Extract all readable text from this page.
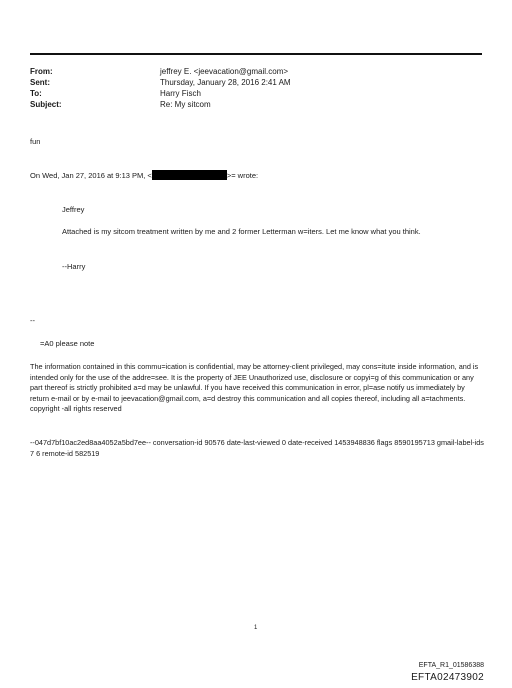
From:	jeffrey E. <jeevacation@gmail.com>
Sent:	Thursday, January 28, 2016 2:41 AM
To:	Harry Fisch
Subject:	Re: My sitcom
fun
On Wed, Jan 27, 2016 at 9:13 PM, <	>= wrote:
Jeffrey
Attached is my sitcom treatment written by me and 2 former Letterman w=iters. Let me know what you think.
--Harry
--
=A0 please note
The information contained in this commu=ication is confidential, may be attorney-client privileged, may cons=itute inside information, and is intended only for the use of the addre=see. It is the property of JEE Unauthorized use, disclosure or copyi=g of this communication or any part thereof is strictly prohibited a=d may be unlawful. If you have received this communication in error, pl=ase notify us immediately by return e-mail or by e-mail to jeevacation@gmail.com, a=d destroy this communication and all copies thereof, including all a=tachments. copyright -all rights reserved
--047d7bf10ac2ed8aa4052a5bd7ee-- conversation-id 90576 date-last-viewed 0 date-received 1453948836 flags 8590195713 gmail-label-ids 7 6 remote-id 582519
1
EFTA_R1_01586388
EFTA02473902
